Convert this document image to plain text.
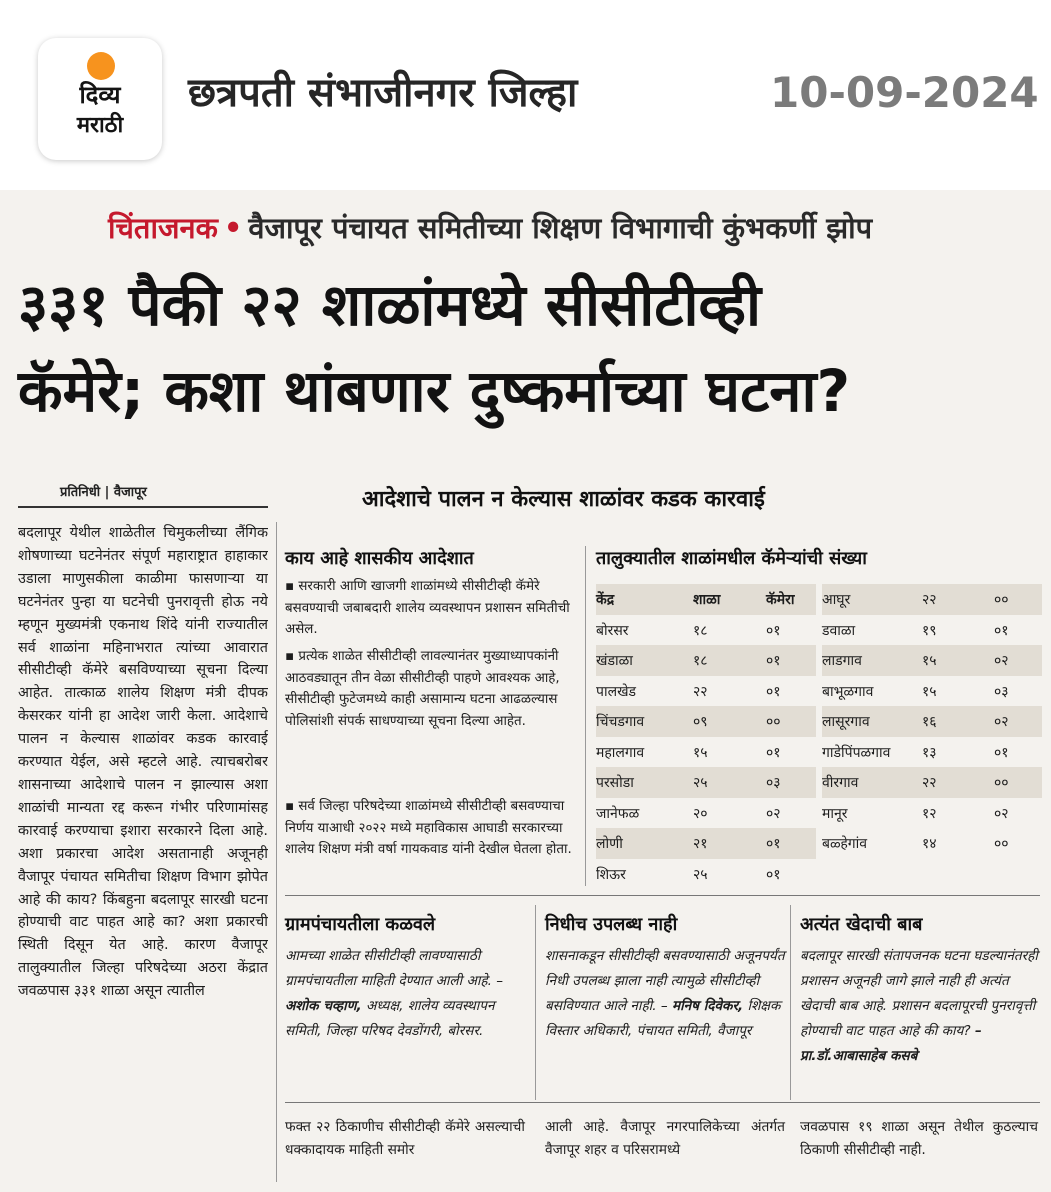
दिव्य
मराठी
छत्रपती संभाजीनगर जिल्हा	10-09-2024
चिंताजनक • वैजापूर पंचायत समितीच्या शिक्षण विभागाची कुंभकर्णी झोप
३३१ पैकी २२ शाळांमध्ये सीसीटीव्ही
कॅमेरे; कशा थांबणार दुष्कर्माच्या घटना?
प्रतिनिधी | वैजापूर	आदेशाचे पालन न केल्यास शाळांवर कडक कारवाई
बदलापूर येथील शाळेतील चिमुकलीच्या लैंगिक शोषणाच्या घटनेनंतर संपूर्ण महाराष्ट्रात हाहाकार उडाला माणुसकीला काळीमा फासणाऱ्या या घटनेनंतर पुन्हा या घटनेची पुनरावृत्ती होऊ नये म्हणून मुख्यमंत्री एकनाथ शिंदे यांनी राज्यातील सर्व शाळांना महिनाभरात त्यांच्या आवारात सीसीटीव्ही कॅमेरे बसविण्याच्या सूचना दिल्या आहेत. तात्काळ शालेय शिक्षण मंत्री दीपक केसरकर यांनी हा आदेश जारी केला. आदेशाचे पालन न केल्यास शाळांवर कडक कारवाई करण्यात येईल, असे म्हटले आहे. त्याचबरोबर शासनाच्या आदेशाचे पालन न झाल्यास अशा शाळांची मान्यता रद्द करून गंभीर परिणामांसह कारवाई करण्याचा इशारा सरकारने दिला आहे. अशा प्रकारचा आदेश असतानाही अजूनही वैजापूर पंचायत समितीचा शिक्षण विभाग झोपेत आहे की काय? किंबहुना बदलापूर सारखी घटना होण्याची वाट पाहत आहे का? अशा प्रकारची स्थिती दिसून येत आहे. कारण वैजापूर तालुक्यातील जिल्हा परिषदेच्या अठरा केंद्रात जवळपास ३३१ शाळा असून त्यातील
काय आहे शासकीय आदेशात
▪ सरकारी आणि खाजगी शाळांमध्ये सीसीटीव्ही कॅमेरे बसवण्याची जबाबदारी शालेय व्यवस्थापन प्रशासन समितीची असेल.
▪ प्रत्येक शाळेत सीसीटीव्ही लावल्यानंतर मुख्याध्यापकांनी आठवड्यातून तीन वेळा सीसीटीव्ही पाहणे आवश्यक आहे, सीसीटीव्ही फुटेजमध्ये काही असामान्य घटना आढळल्यास पोलिसांशी संपर्क साधण्याच्या सूचना दिल्या आहेत.
▪ सर्व जिल्हा परिषदेच्या शाळांमध्ये सीसीटीव्ही बसवण्याचा निर्णय याआधी २०२२ मध्ये महाविकास आघाडी सरकारच्या शालेय शिक्षण मंत्री वर्षा गायकवाड यांनी देखील घेतला होता.
तालुक्यातील शाळांमधील कॅमेऱ्यांची संख्या
केंद्र	शाळा	कॅमेरा
बोरसर	१८	०१
खंडाळा	१८	०१
पालखेड	२२	०१
चिंचडगाव	०९	००
महालगाव	१५	०१
परसोडा	२५	०३
जानेफळ	२०	०२
लोणी	२१	०१
शिऊर	२५	०१
आघूर	२२	००
डवाळा	१९	०१
लाडगाव	१५	०२
बाभूळगाव	१५	०३
लासूरगाव	१६	०२
गाडेपिंपळगाव १३	०१
वीरगाव	२२	००
मानूर	१२	०२
बळ्हेगांव	१४	००
ग्रामपंचायतीला कळवले
आमच्या शाळेत सीसीटीव्ही लावण्यासाठी ग्रामपंचायतीला माहिती देण्यात आली आहे. – अशोक चव्हाण, अध्यक्ष, शालेय व्यवस्थापन समिती, जिल्हा परिषद देवडोंगरी, बोरसर.
निधीच उपलब्ध नाही
शासनाकडून सीसीटीव्ही बसवण्यासाठी अजूनपर्यंत निधी उपलब्ध झाला नाही त्यामुळे सीसीटीव्ही बसविण्यात आले नाही. – मनिष दिवेकर, शिक्षक विस्तार अधिकारी, पंचायत समिती, वैजापूर
अत्यंत खेदाची बाब
बदलापूर सारखी संतापजनक घटना घडल्यानंतरही प्रशासन अजूनही जागे झाले नाही ही अत्यंत खेदाची बाब आहे. प्रशासन बदलापूरची पुनरावृत्ती होण्याची वाट पाहत आहे की काय? – प्रा.डॉ.आबासाहेब कसबे
फक्त २२ ठिकाणीच सीसीटीव्ही कॅमेरे असल्याची धक्कादायक माहिती समोर
आली आहे. वैजापूर नगरपालिकेच्या अंतर्गत वैजापूर शहर व परिसरामध्ये
जवळपास १९ शाळा असून तेथील कुठल्याच ठिकाणी सीसीटीव्ही नाही.
